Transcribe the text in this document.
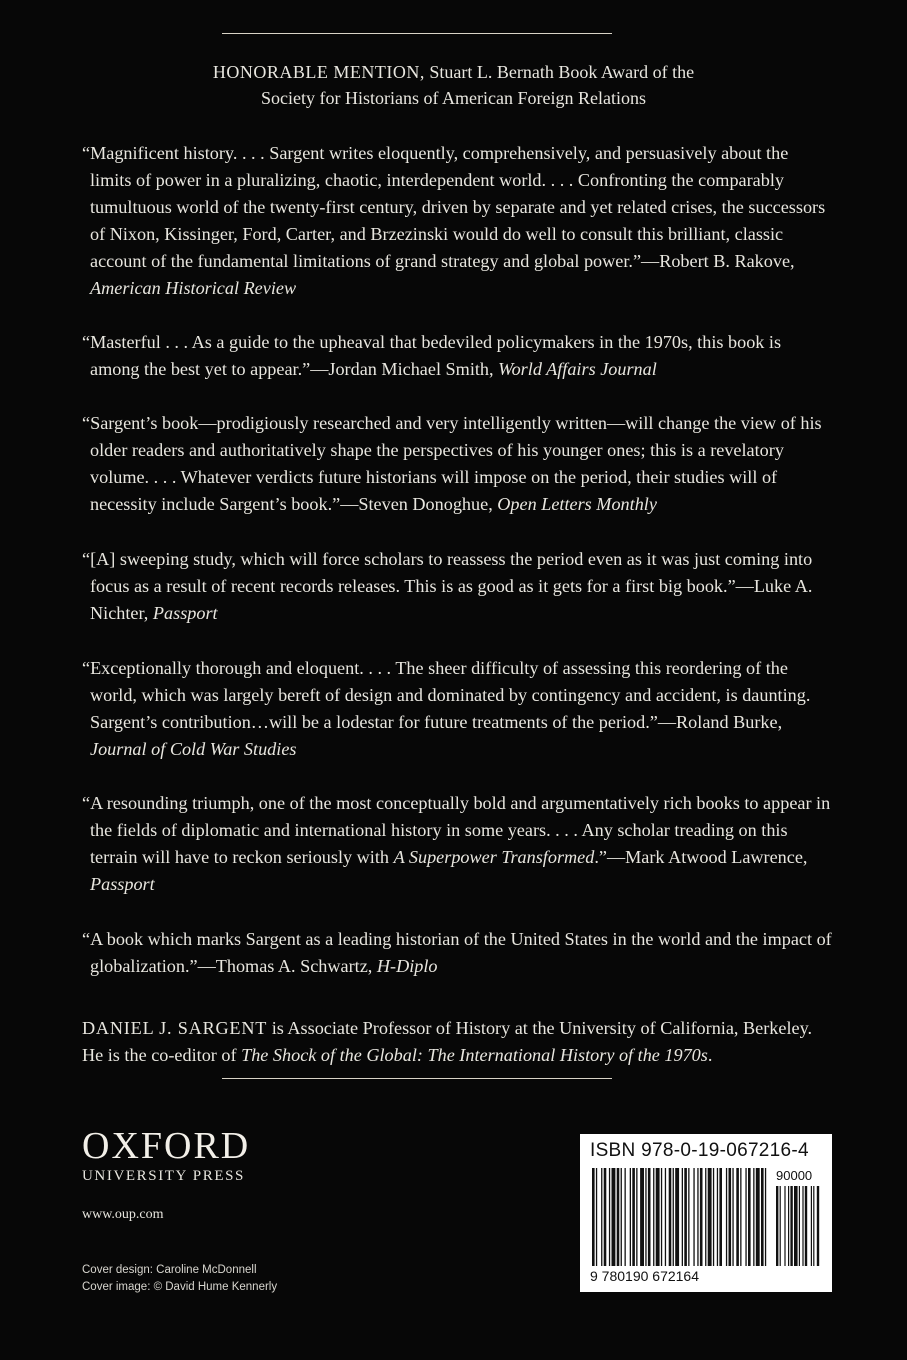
HONORABLE MENTION, Stuart L. Bernath Book Award of the
Society for Historians of American Foreign Relations
“Magnificent history. . . . Sargent writes eloquently, comprehensively, and persuasively about the limits of power in a pluralizing, chaotic, interdependent world. . . . Confronting the comparably tumultuous world of the twenty-first century, driven by separate and yet related crises, the successors of Nixon, Kissinger, Ford, Carter, and Brzezinski would do well to consult this brilliant, classic account of the fundamental limitations of grand strategy and global power.”—Robert B. Rakove, American Historical Review
“Masterful . . . As a guide to the upheaval that bedeviled policymakers in the 1970s, this book is among the best yet to appear.”—Jordan Michael Smith, World Affairs Journal
“Sargent’s book—prodigiously researched and very intelligently written—will change the view of his older readers and authoritatively shape the perspectives of his younger ones; this is a revelatory volume. . . . Whatever verdicts future historians will impose on the period, their studies will of necessity include Sargent’s book.”—Steven Donoghue, Open Letters Monthly
“[A] sweeping study, which will force scholars to reassess the period even as it was just coming into focus as a result of recent records releases. This is as good as it gets for a first big book.”—Luke A. Nichter, Passport
“Exceptionally thorough and eloquent. . . . The sheer difficulty of assessing this reordering of the world, which was largely bereft of design and dominated by contingency and accident, is daunting. Sargent’s contribution…will be a lodestar for future treatments of the period.”—Roland Burke, Journal of Cold War Studies
“A resounding triumph, one of the most conceptually bold and argumentatively rich books to appear in the fields of diplomatic and international history in some years. . . . Any scholar treading on this terrain will have to reckon seriously with A Superpower Transformed.”—Mark Atwood Lawrence, Passport
“A book which marks Sargent as a leading historian of the United States in the world and the impact of globalization.”—Thomas A. Schwartz, H-Diplo
DANIEL J. SARGENT is Associate Professor of History at the University of California, Berkeley. He is the co-editor of The Shock of the Global: The International History of the 1970s.
OXFORD
UNIVERSITY PRESS
www.oup.com
Cover design: Caroline McDonnell
Cover image: © David Hume Kennerly
ISBN 978-0-19-067216-4
90000
9 780190 672164
